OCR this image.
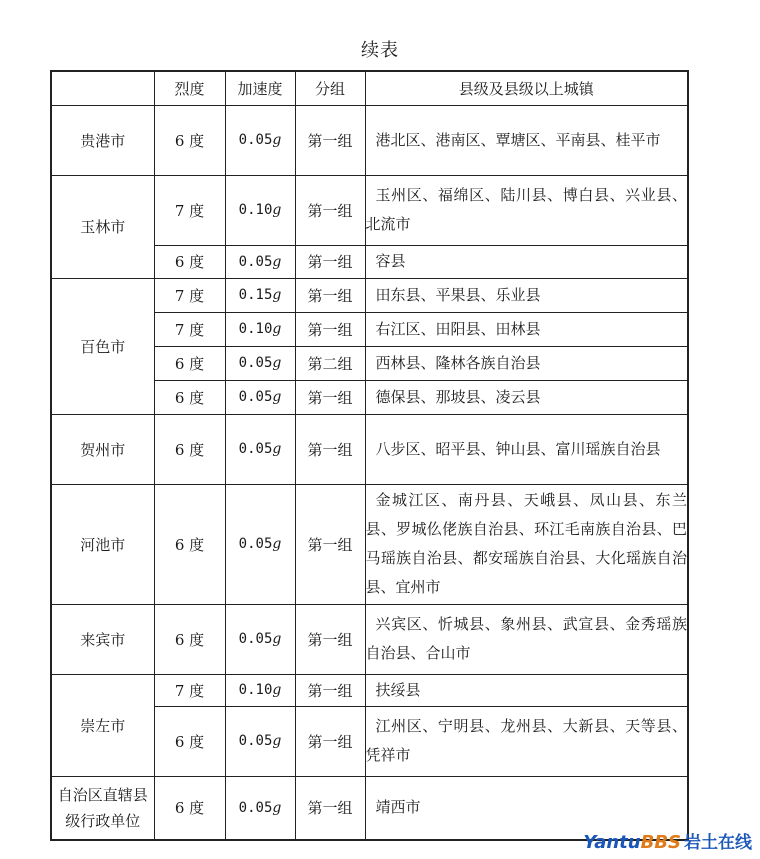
续表
	烈度	加速度	分组	县级及县级以上城镇
贵港市	6 度	0.05g	第一组	港北区、港南区、覃塘区、平南县、桂平市
玉林市	7 度	0.10g	第一组	玉州区、福绵区、陆川县、博白县、兴业县、北流市
	6 度	0.05g	第一组	容县
百色市	7 度	0.15g	第一组	田东县、平果县、乐业县
	7 度	0.10g	第一组	右江区、田阳县、田林县
	6 度	0.05g	第二组	西林县、隆林各族自治县
	6 度	0.05g	第一组	德保县、那坡县、凌云县
贺州市	6 度	0.05g	第一组	八步区、昭平县、钟山县、富川瑶族自治县
河池市	6 度	0.05g	第一组	金城江区、南丹县、天峨县、凤山县、东兰县、罗城仫佬族自治县、环江毛南族自治县、巴马瑶族自治县、都安瑶族自治县、大化瑶族自治县、宜州市
来宾市	6 度	0.05g	第一组	兴宾区、忻城县、象州县、武宣县、金秀瑶族自治县、合山市
崇左市	7 度	0.10g	第一组	扶绥县
	6 度	0.05g	第一组	江州区、宁明县、龙州县、大新县、天等县、凭祥市
自治区直辖县级行政单位	6 度	0.05g	第一组	靖西市
YantuBBS 岩土在线
